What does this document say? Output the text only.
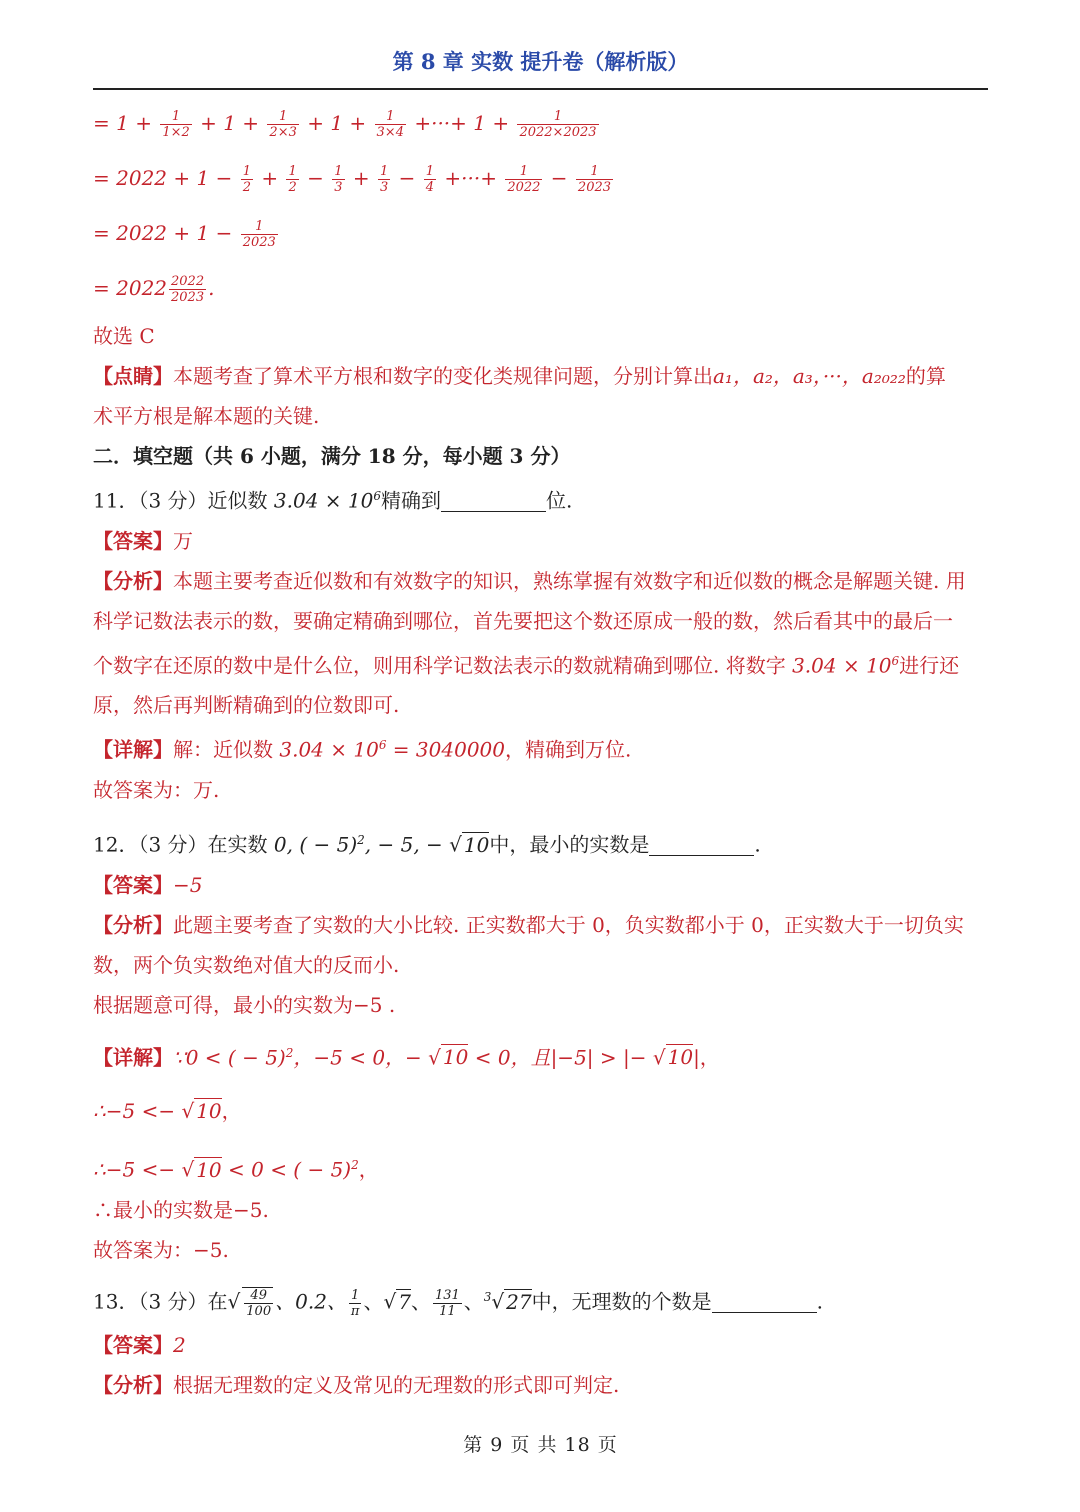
第 8 章 实数 提升卷（解析版）
= $1 + \frac{1}{1\times 2} + 1 + \frac{1}{2\times 3} + 1 + \frac{1}{3\times 4}$ +···+ $1 + \frac{1}{2022\times 2023}$
= $2022 + 1 - \frac{1}{2} + \frac{1}{2} - \frac{1}{3} + \frac{1}{3} - \frac{1}{4}$ +···+ $\frac{1}{2022} - \frac{1}{2023}$
= $2022 + 1 - \frac{1}{2023}$
= $2022 \frac{2022}{2023}$ .
故选 C
【点睛】本题考查了算术平方根和数字的变化类规律问题，分别计算出a₁，a₂，a₃，···，a₂₀₂₂的算
术平方根是解本题的关键.
二．填空题（共 6 小题，满分 18 分，每小题 3 分）
11．（3 分）近似数 $3.04 \times 10^6$精确到	位.
【答案】万
【分析】本题主要考查近似数和有效数字的知识，熟练掌握有效数字和近似数的概念是解题关键. 用
科学记数法表示的数，要确定精确到哪位，首先要把这个数还原成一般的数，然后看其中的最后一
个数字在还原的数中是什么位，则用科学记数法表示的数就精确到哪位. 将数字 $3.04 \times 10^6$进行还
原，然后再判断精确到的位数即可.
【详解】解：近似数 $3.04 \times 10^6 = 3040000$，精确到万位.
故答案为：万.
12．（3 分）在实数 0, ( − 5)$^2$, − 5, − √ 10中，最小的实数是	.
【答案】−5
【分析】此题主要考查了实数的大小比较. 正实数都大于 0，负实数都小于 0，正实数大于一切负实
数，两个负实数绝对值大的反而小.
根据题意可得，最小的实数为−5 .
【详解】∵0 < ( − 5)$^2$，−5 < 0，− √ 10 < 0，且|−5| > |− √ 10|，
∴−5 <− √ 10，
∴−5 <− √ 10 < 0 < ( − 5)$^2$，
∴最小的实数是−5.
故答案为：−5.
13．（3 分）在√ $\frac{49}{100}$ 、0.2、 $\frac{1}{\pi}$ 、√ 7、 $\frac{131}{11}$ 、$^3$√ 27中，无理数的个数是	.
【答案】2
【分析】根据无理数的定义及常见的无理数的形式即可判定.
第 9 页 共 18 页
